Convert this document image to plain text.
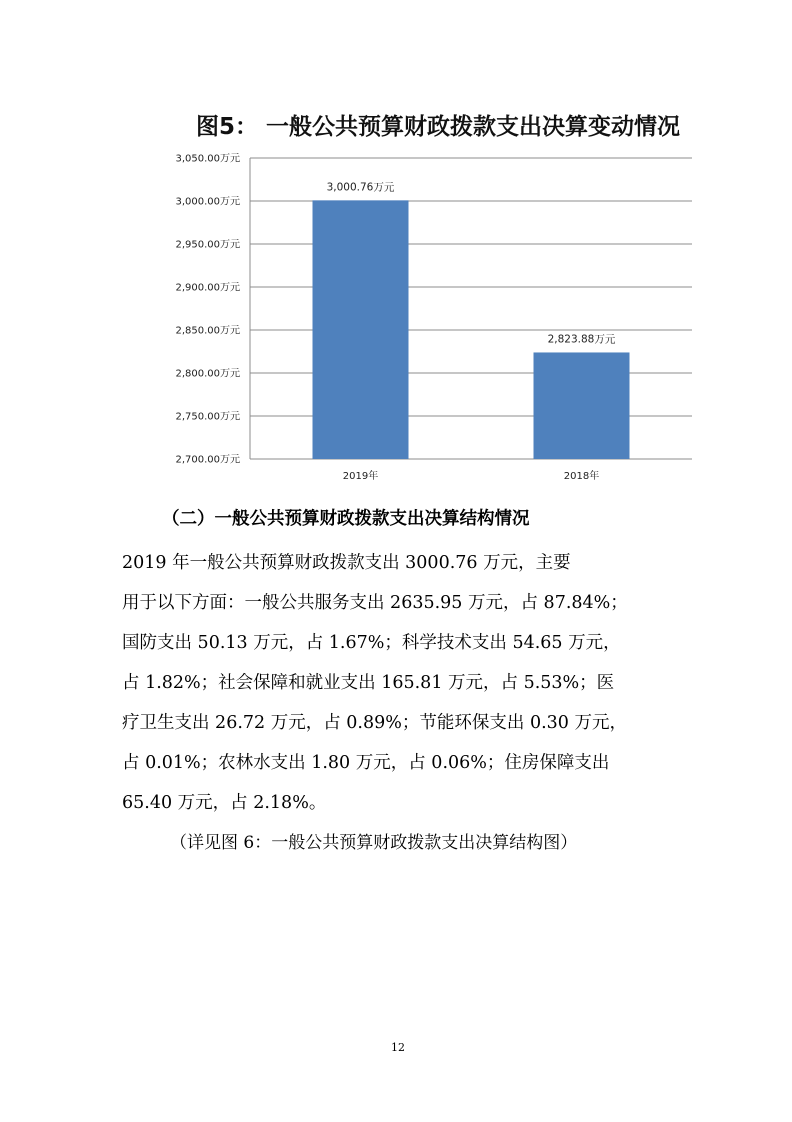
图5： 一般公共预算财政拨款支出决算变动情况
2,700.00万元
2,750.00万元
2,800.00万元
2,850.00万元
2,900.00万元
2,950.00万元
3,000.00万元
3,050.00万元
3,000.76万元
2019年
2,823.88万元
2018年
（二）一般公共预算财政拨款支出决算结构情况
2019 年一般公共预算财政拨款支出 3000.76 万元，主要
用于以下方面：一般公共服务支出 2635.95 万元，占 87.84%；
国防支出 50.13 万元，占 1.67%；科学技术支出 54.65 万元，
占 1.82%；社会保障和就业支出 165.81 万元，占 5.53%；医
疗卫生支出 26.72 万元，占 0.89%；节能环保支出 0.30 万元，
占 0.01%；农林水支出 1.80 万元，占 0.06%；住房保障支出
65.40 万元，占 2.18%。
（详见图 6：一般公共预算财政拨款支出决算结构图）
12
